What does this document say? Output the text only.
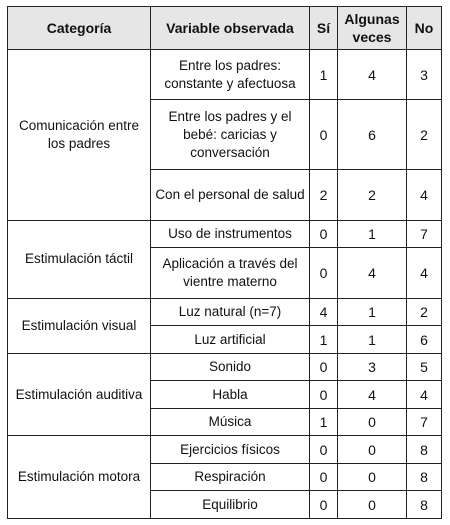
Categoría	Variable observada	Sí	Algunas veces	No
Comunicación entre los padres	Entre los padres: constante y afectuosa	1	4	3
	Entre los padres y el bebé: caricias y conversación	0	6	2
	Con el personal de salud	2	2	4
Estimulación táctil	Uso de instrumentos	0	1	7
	Aplicación a través del vientre materno	0	4	4
Estimulación visual	Luz natural (n=7)	4	1	2
	Luz artificial	1	1	6
Estimulación auditiva	Sonido	0	3	5
	Habla	0	4	4
	Música	1	0	7
Estimulación motora	Ejercicios físicos	0	0	8
	Respiración	0	0	8
	Equilibrio	0	0	8
